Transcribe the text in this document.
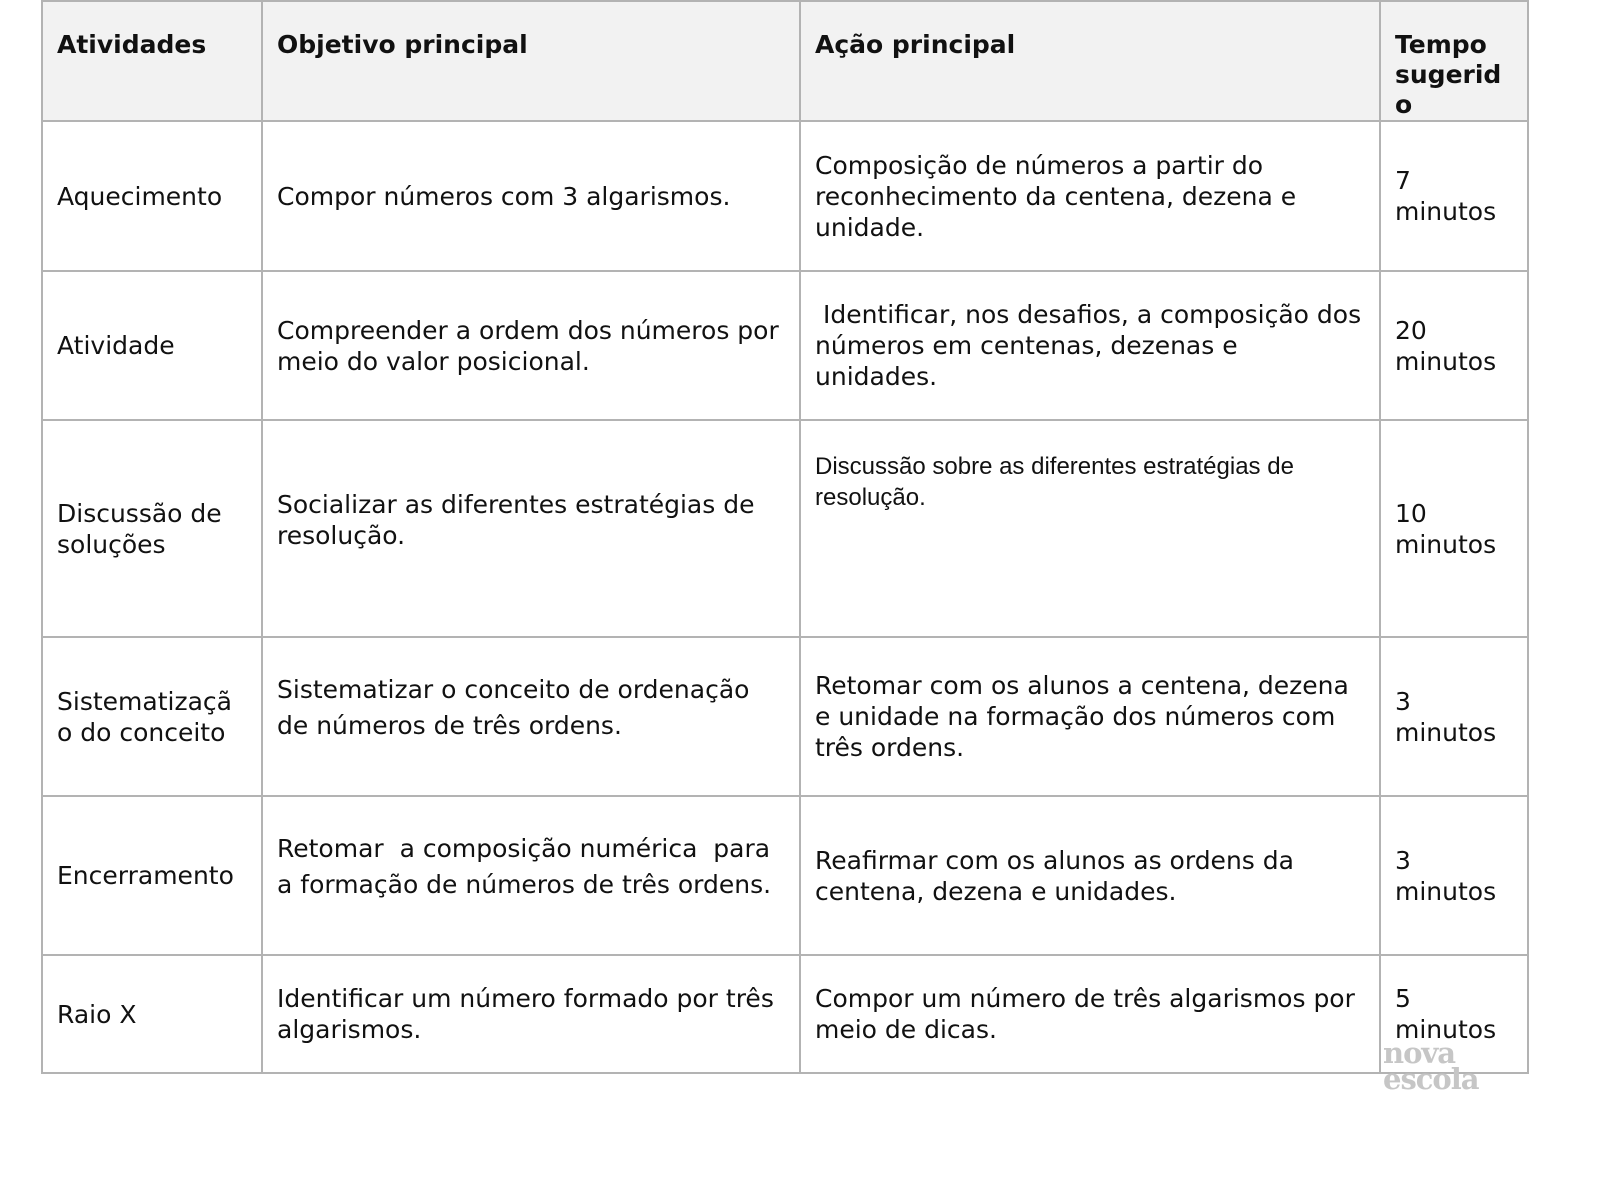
Atividades	Objetivo principal	Ação principal	Tempo sugerido
Aquecimento	Compor números com 3 algarismos.	Composição de números a partir do reconhecimento da centena, dezena e unidade.	7 minutos
Atividade	Compreender a ordem dos números por meio do valor posicional.	Identificar, nos desafios, a composição dos números em centenas, dezenas e unidades.	20 minutos
Discussão de soluções	Socializar as diferentes estratégias de resolução.	Discussão sobre as diferentes estratégias de resolução.	10 minutos
Sistematização do conceito	Sistematizar o conceito de ordenação de números de três ordens.	Retomar com os alunos a centena, dezena e unidade na formação dos números com três ordens.	3 minutos
Encerramento	Retomar  a composição numérica  para a formação de números de três ordens.	Reafirmar com os alunos as ordens da centena, dezena e unidades.	3 minutos
Raio X	Identificar um número formado por três algarismos.	Compor um número de três algarismos por meio de dicas.	5 minutos
nova
escola
